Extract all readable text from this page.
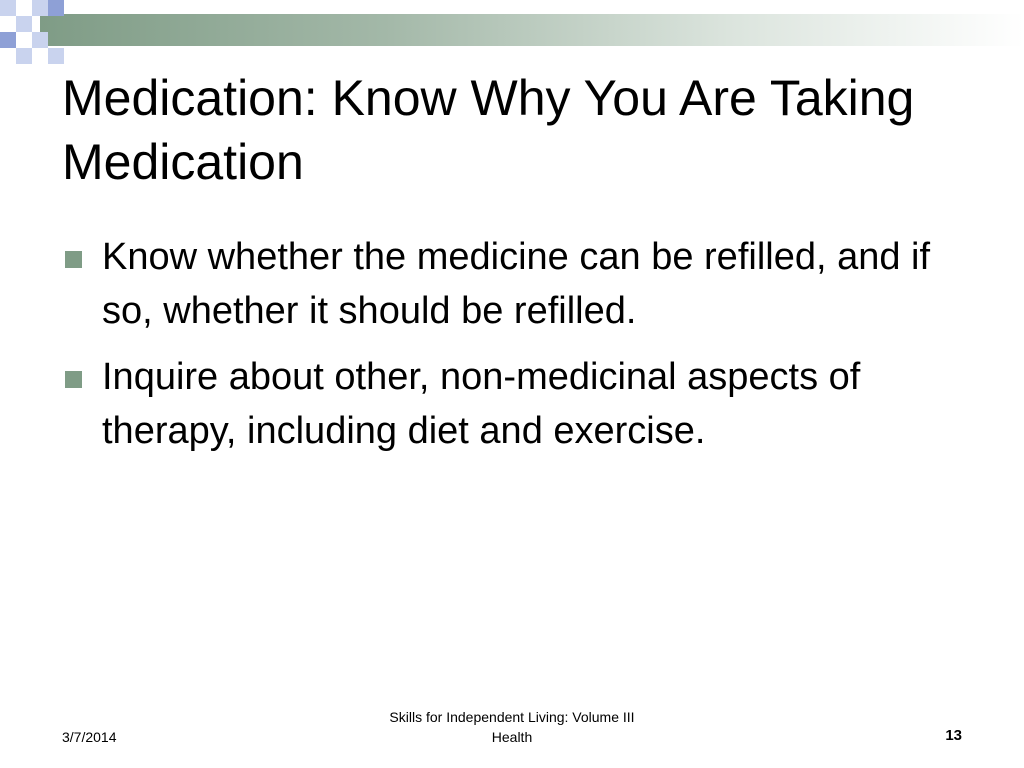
Medication: Know Why You Are Taking Medication
Know whether the medicine can be refilled, and if so, whether it should be refilled.
Inquire about other, non-medicinal aspects of therapy, including diet and exercise.
3/7/2014
Skills for Independent Living: Volume III
Health	13
